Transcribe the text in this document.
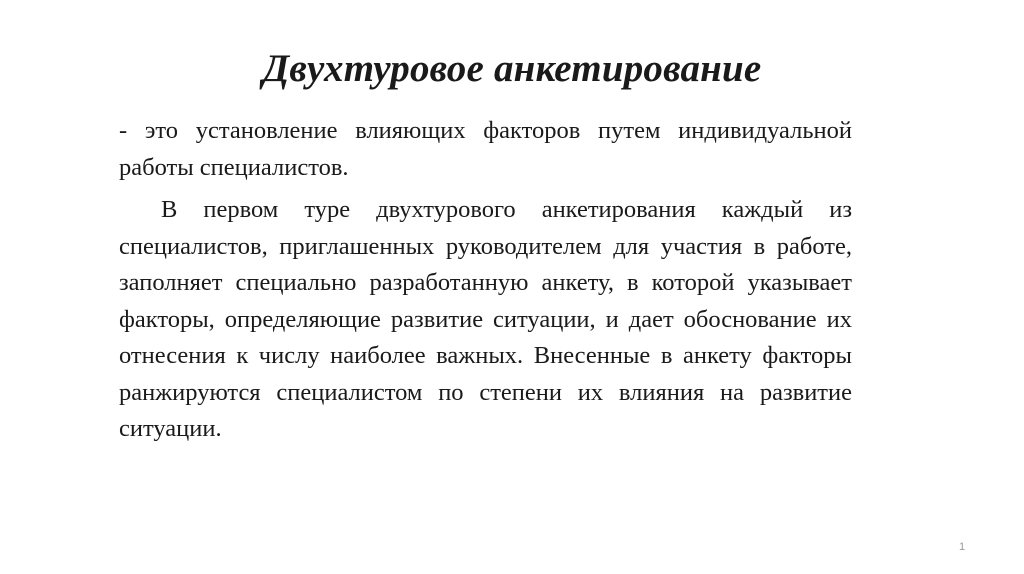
Двухтуровое анкетирование
- это установление влияющих факторов путем индивидуальной работы специалистов.
В первом туре двухтурового анкетирования каждый из специалистов, приглашенных руководителем для участия в работе, заполняет специально разработанную анкету, в которой указывает факторы, определяющие развитие ситуации, и дает обоснование их отнесения к числу наиболее важных. Внесенные в анкету факторы ранжируются специалистом по степени их влияния на развитие ситуации.
1
